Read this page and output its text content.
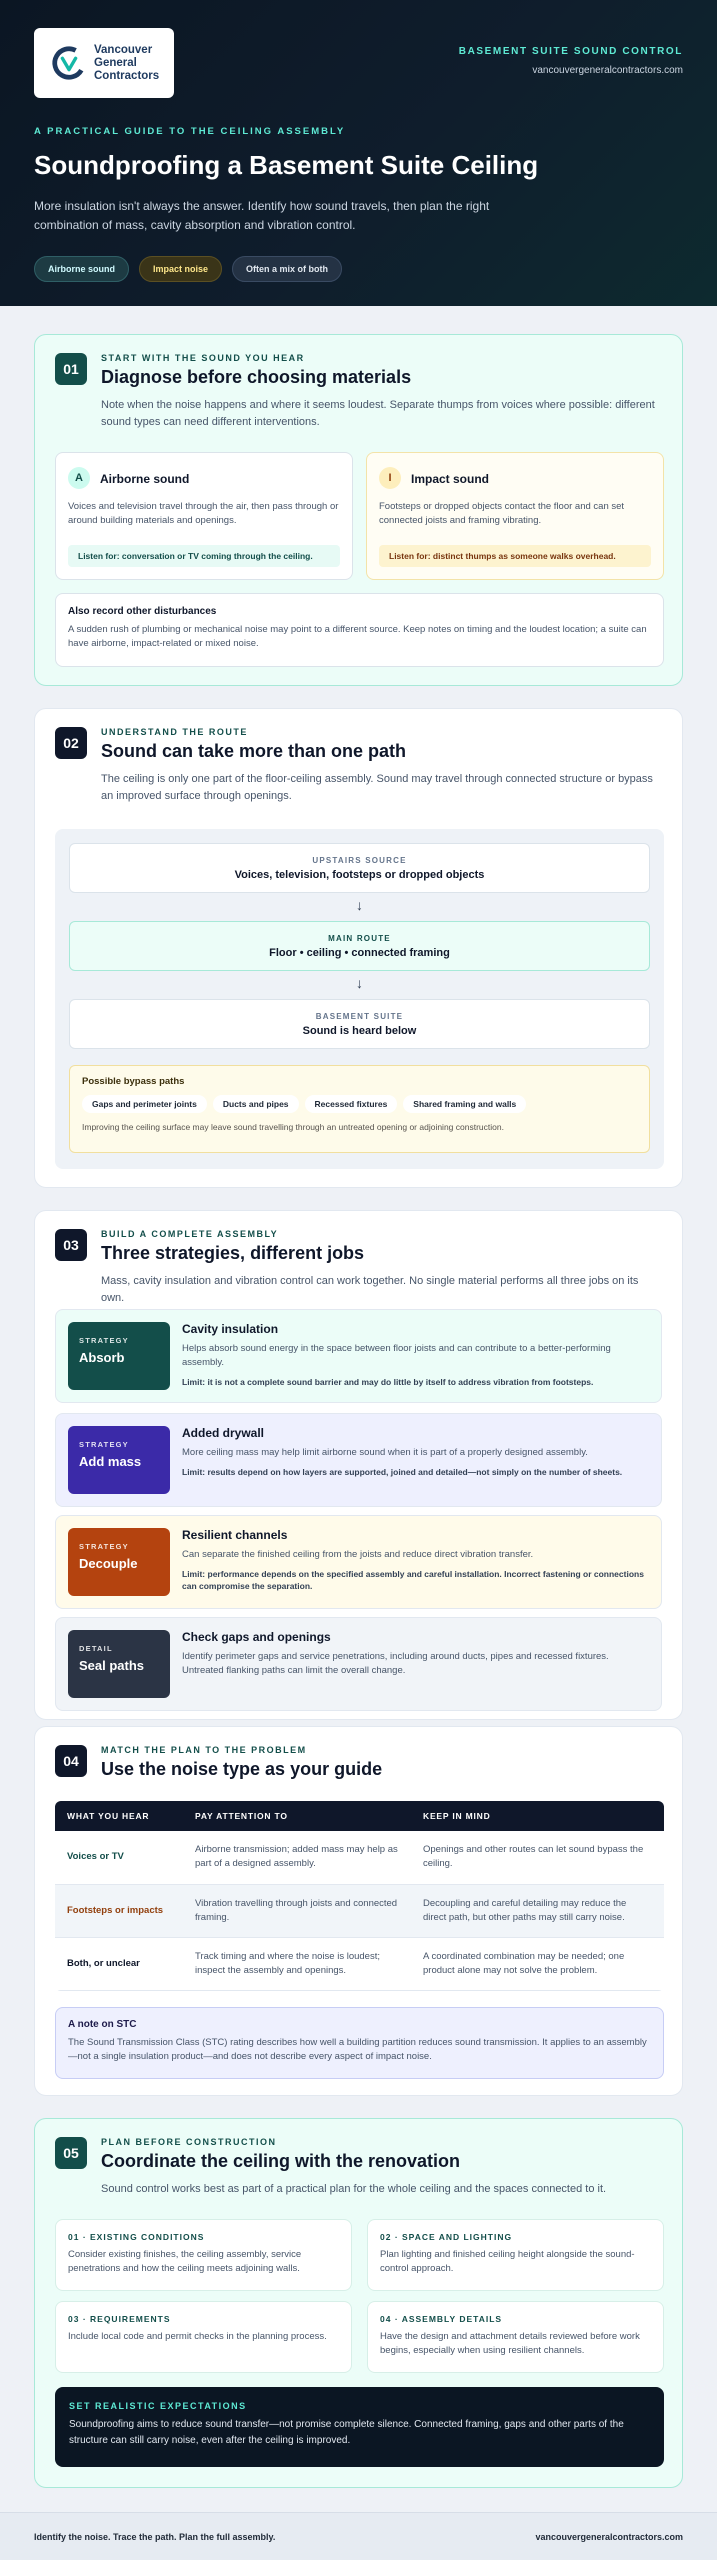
Vancouver
General
Contractors
BASEMENT SUITE SOUND CONTROL
vancouvergeneralcontractors.com
A PRACTICAL GUIDE TO THE CEILING ASSEMBLY
Soundproofing a Basement Suite Ceiling

More insulation isn't always the answer. Identify how sound travels, then plan the right combination of mass, cavity absorption and vibration control.

Airborne sound	Impact noise	Often a mix of both
01
START WITH THE SOUND YOU HEAR
Diagnose before choosing materials

Note when the noise happens and where it seems loudest. Separate thumps from voices where possible: different sound types can need different interventions.

A	Airborne sound

Voices and television travel through the air, then pass through or around building materials and openings.

Listen for: conversation or TV coming through the ceiling.
I	Impact sound

Footsteps or dropped objects contact the floor and can set connected joists and framing vibrating.

Listen for: distinct thumps as someone walks overhead.
Also record other disturbances

A sudden rush of plumbing or mechanical noise may point to a different source. Keep notes on timing and the loudest location; a suite can have airborne, impact-related or mixed noise.

02
UNDERSTAND THE ROUTE
Sound can take more than one path

The ceiling is only one part of the floor-ceiling assembly. Sound may travel through connected structure or bypass an improved surface through openings.

UPSTAIRS SOURCE
Voices, television, footsteps or dropped objects
↓
MAIN ROUTE
Floor • ceiling • connected framing
↓
BASEMENT SUITE
Sound is heard below
Possible bypass paths
Gaps and perimeter joints	Ducts and pipes	Recessed fixtures	Shared framing and walls

Improving the ceiling surface may leave sound travelling through an untreated opening or adjoining construction.

03
BUILD A COMPLETE ASSEMBLY
Three strategies, different jobs

Mass, cavity insulation and vibration control can work together. No single material performs all three jobs on its own.

STRATEGY
Absorb
Cavity insulation

Helps absorb sound energy in the space between floor joists and can contribute to a better-performing assembly.

Limit: it is not a complete sound barrier and may do little by itself to address vibration from footsteps.
STRATEGY
Add mass
Added drywall

More ceiling mass may help limit airborne sound when it is part of a properly designed assembly.

Limit: results depend on how layers are supported, joined and detailed—not simply on the number of sheets.
STRATEGY
Decouple
Resilient channels

Can separate the finished ceiling from the joists and reduce direct vibration transfer.

Limit: performance depends on the specified assembly and careful installation. Incorrect fastening or connections can compromise the separation.
DETAIL
Seal paths
Check gaps and openings

Identify perimeter gaps and service penetrations, including around ducts, pipes and recessed fixtures. Untreated flanking paths can limit the overall change.

04
MATCH THE PLAN TO THE PROBLEM
Use the noise type as your guide
WHAT YOU HEAR	PAY ATTENTION TO	KEEP IN MIND
Voices or TV	Airborne transmission; added mass may help as part of a designed assembly.	Openings and other routes can let sound bypass the ceiling.
Footsteps or impacts	Vibration travelling through joists and connected framing.	Decoupling and careful detailing may reduce the direct path, but other paths may still carry noise.
Both, or unclear	Track timing and where the noise is loudest; inspect the assembly and openings.	A coordinated combination may be needed; one product alone may not solve the problem.
A note on STC

The Sound Transmission Class (STC) rating describes how well a building partition reduces sound transmission. It applies to an assembly—not a single insulation product—and does not describe every aspect of impact noise.

05
PLAN BEFORE CONSTRUCTION
Coordinate the ceiling with the renovation

Sound control works best as part of a practical plan for the whole ceiling and the spaces connected to it.

01 · EXISTING CONDITIONS

Consider existing finishes, the ceiling assembly, service penetrations and how the ceiling meets adjoining walls.

02 · SPACE AND LIGHTING

Plan lighting and finished ceiling height alongside the sound-control approach.

03 · REQUIREMENTS

Include local code and permit checks in the planning process.

04 · ASSEMBLY DETAILS

Have the design and attachment details reviewed before work begins, especially when using resilient channels.

SET REALISTIC EXPECTATIONS

Soundproofing aims to reduce sound transfer—not promise complete silence. Connected framing, gaps and other parts of the structure can still carry noise, even after the ceiling is improved.

Identify the noise. Trace the path. Plan the full assembly.	vancouvergeneralcontractors.com
